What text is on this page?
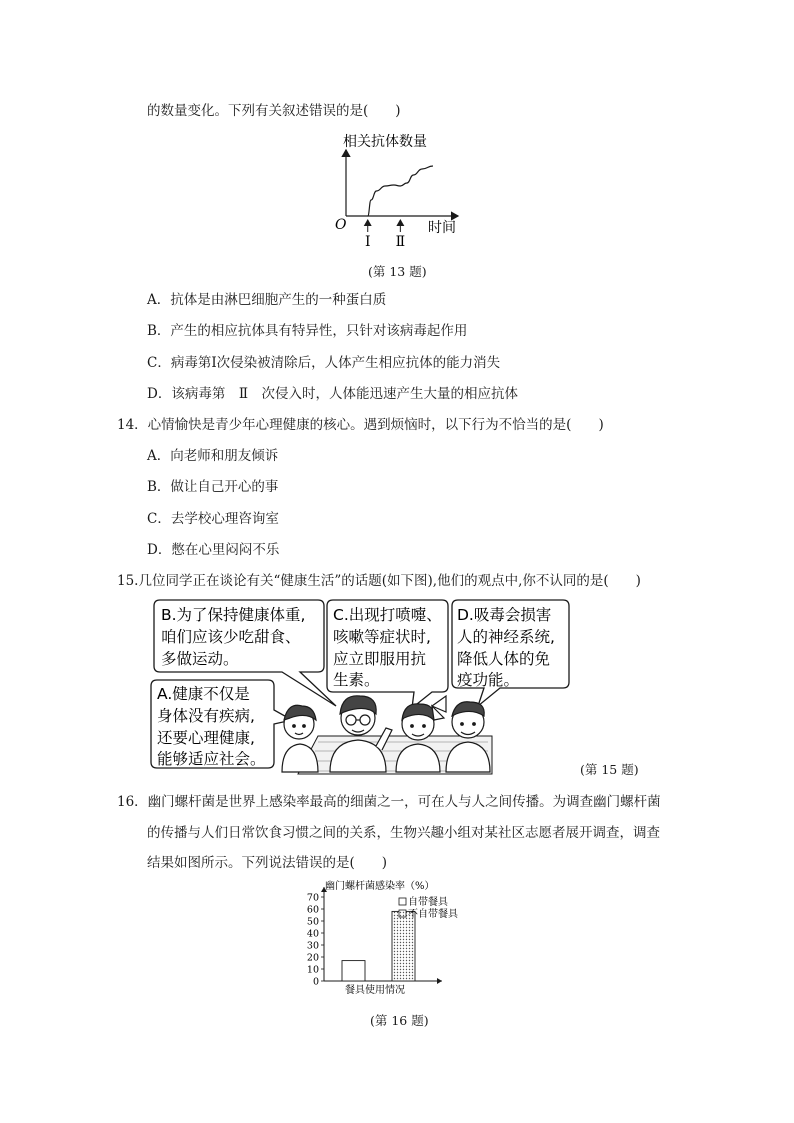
的数量变化。下列有关叙述错误的是(　　)
相关抗体数量
O	时间
Ⅰ Ⅱ
(第 13 题)
A．抗体是由淋巴细胞产生的一种蛋白质
B．产生的相应抗体具有特异性，只针对该病毒起作用
C．病毒第Ⅰ次侵染被清除后，人体产生相应抗体的能力消失
D．该病毒第　Ⅱ　次侵入时，人体能迅速产生大量的相应抗体
14．心情愉快是青少年心理健康的核心。遇到烦恼时，以下行为不恰当的是(　　)
A．向老师和朋友倾诉
B．做让自己开心的事
C．去学校心理咨询室
D．憋在心里闷闷不乐
15.几位同学正在谈论有关“健康生活”的话题(如下图),他们的观点中,你不认同的是(　　)
B.为了保持健康体重,
咱们应该少吃甜食、
多做运动。
C.出现打喷嚏、
咳嗽等症状时,
应立即服用抗
生素。
D.吸毒会损害
人的神经系统,
降低人体的免
疫功能。
A.健康不仅是
身体没有疾病,
还要心理健康,
能够适应社会。
(第 15 题)
16．幽门螺杆菌是世界上感染率最高的细菌之一，可在人与人之间传播。为调查幽门螺杆菌
的传播与人们日常饮食习惯之间的关系，生物兴趣小组对某社区志愿者展开调查，调查
结果如图所示。下列说法错误的是(　　)
幽门螺杆菌感染率（%）
0
10
20
30
40
50
60
70	自带餐具
不自带餐具
餐具使用情况
(第 16 题)
